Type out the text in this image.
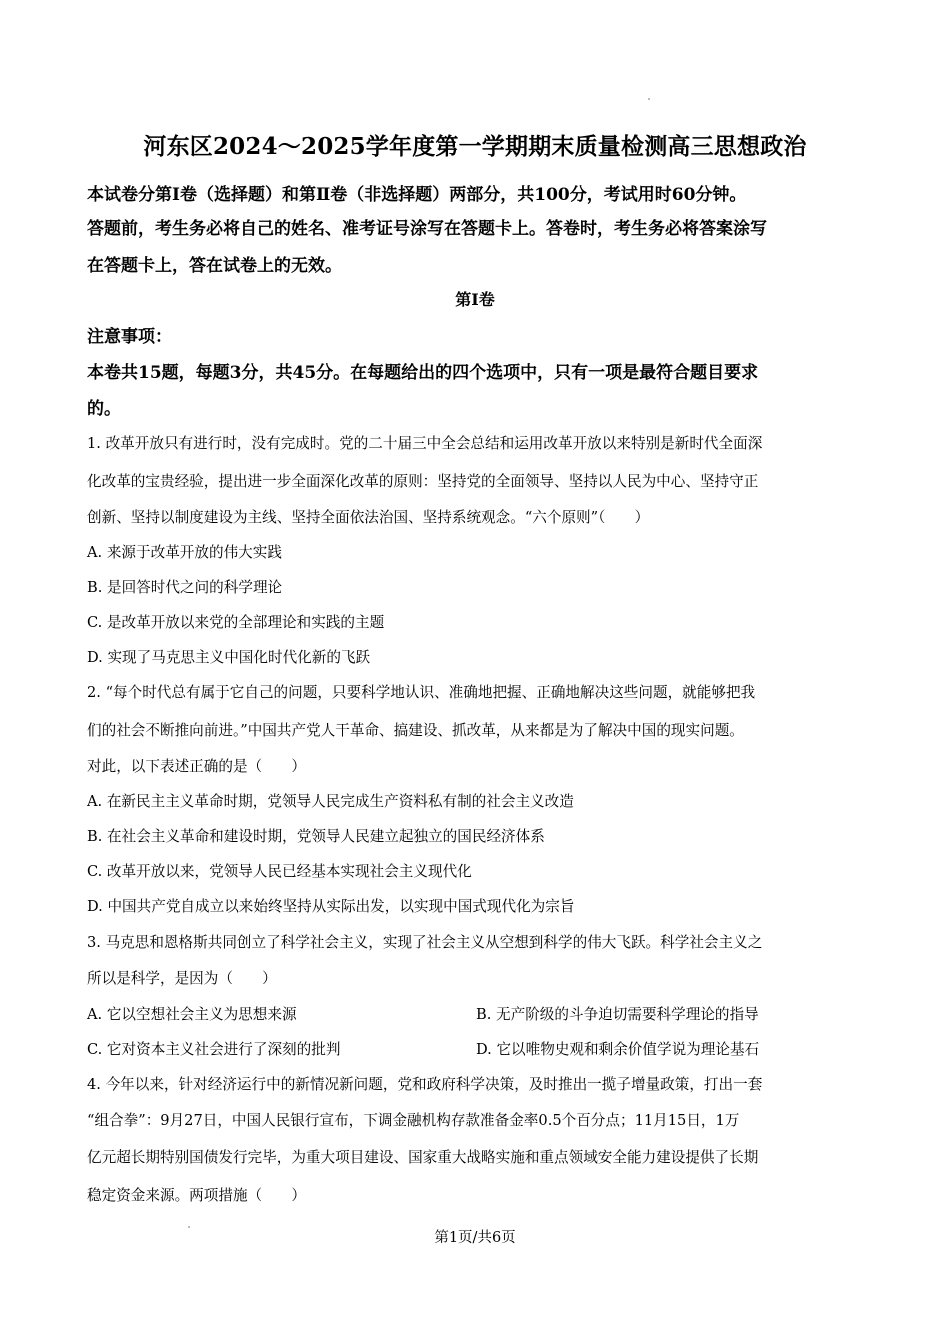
河东区2024～2025学年度第一学期期末质量检测高三思想政治
本试卷分第Ⅰ卷（选择题）和第Ⅱ卷（非选择题）两部分，共100分，考试用时60分钟。
答题前，考生务必将自己的姓名、准考证号涂写在答题卡上。答卷时，考生务必将答案涂写
在答题卡上，答在试卷上的无效。
第Ⅰ卷
注意事项：
本卷共15题，每题3分，共45分。在每题给出的四个选项中，只有一项是最符合题目要求
的。
1. 改革开放只有进行时，没有完成时。党的二十届三中全会总结和运用改革开放以来特别是新时代全面深
化改革的宝贵经验，提出进一步全面深化改革的原则：坚持党的全面领导、坚持以人民为中心、坚持守正
创新、坚持以制度建设为主线、坚持全面依法治国、坚持系统观念。“六个原则”（　　）
A. 来源于改革开放的伟大实践
B. 是回答时代之问的科学理论
C. 是改革开放以来党的全部理论和实践的主题
D. 实现了马克思主义中国化时代化新的飞跃
2. “每个时代总有属于它自己的问题，只要科学地认识、准确地把握、正确地解决这些问题，就能够把我
们的社会不断推向前进。”中国共产党人干革命、搞建设、抓改革，从来都是为了解决中国的现实问题。
对此，以下表述正确的是（　　）
A. 在新民主主义革命时期，党领导人民完成生产资料私有制的社会主义改造
B. 在社会主义革命和建设时期，党领导人民建立起独立的国民经济体系
C. 改革开放以来，党领导人民已经基本实现社会主义现代化
D. 中国共产党自成立以来始终坚持从实际出发，以实现中国式现代化为宗旨
3. 马克思和恩格斯共同创立了科学社会主义，实现了社会主义从空想到科学的伟大飞跃。科学社会主义之
所以是科学，是因为（　　）
A. 它以空想社会主义为思想来源	B. 无产阶级的斗争迫切需要科学理论的指导
C. 它对资本主义社会进行了深刻的批判	D. 它以唯物史观和剩余价值学说为理论基石
4. 今年以来，针对经济运行中的新情况新问题，党和政府科学决策，及时推出一揽子增量政策，打出一套
“组合拳”：9月27日，中国人民银行宣布，下调金融机构存款准备金率0.5个百分点；11月15日，1万
亿元超长期特别国债发行完毕，为重大项目建设、国家重大战略实施和重点领域安全能力建设提供了长期
稳定资金来源。两项措施（　　）
第1页/共6页
